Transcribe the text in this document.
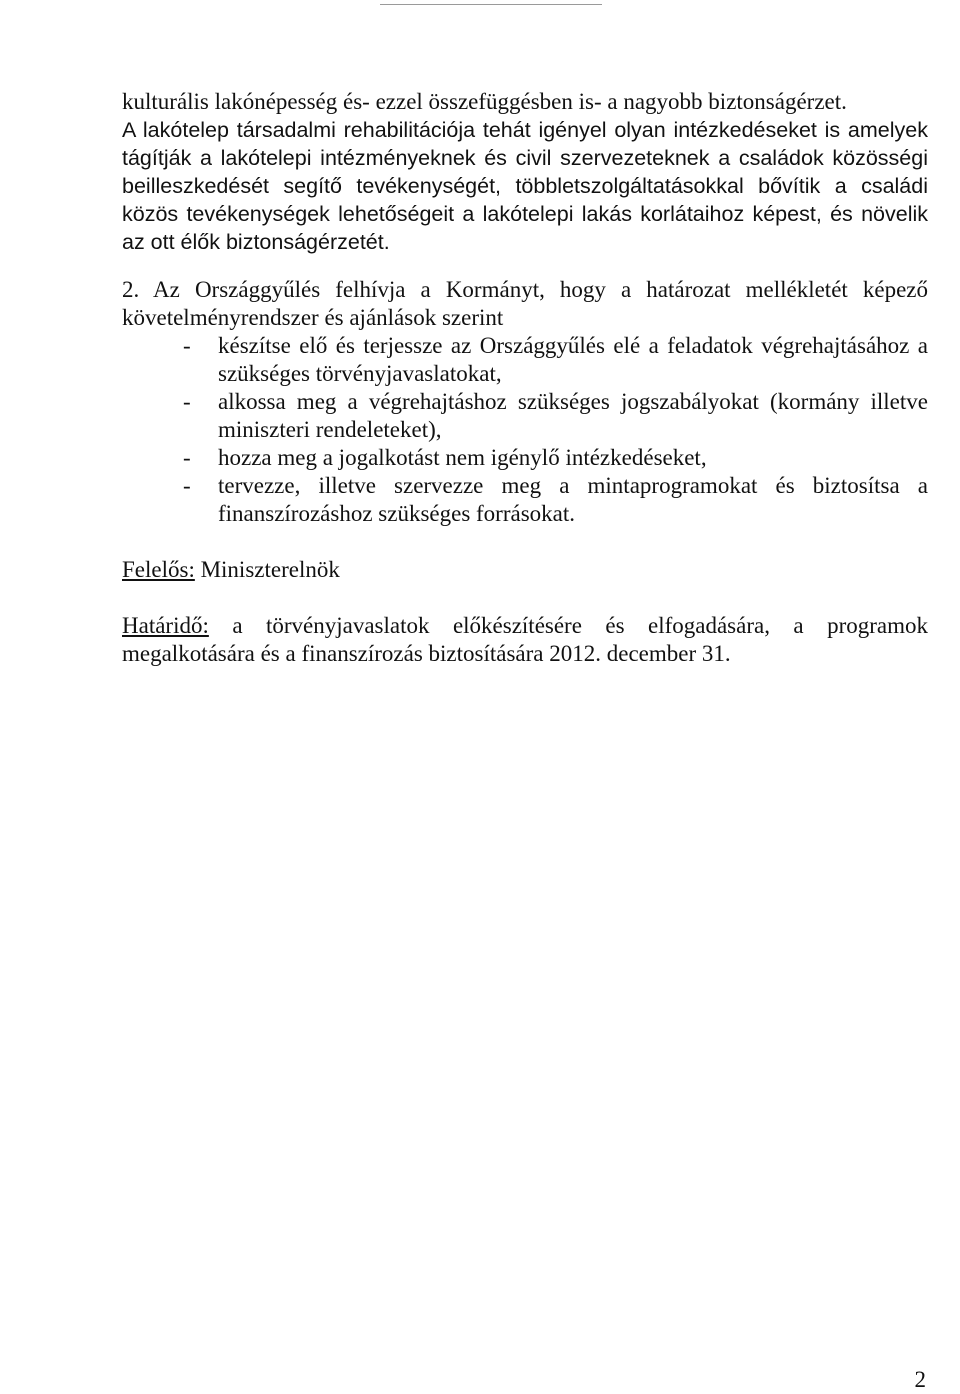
kulturális lakónépesség és- ezzel összefüggésben is- a nagyobb biztonságérzet.
A lakótelep társadalmi rehabilitációja tehát igényel olyan intézkedéseket is amelyek tágítják a lakótelepi intézményeknek és civil szervezeteknek a családok közösségi beilleszkedését segítő tevékenységét, többletszolgáltatásokkal bővítik a családi közös tevékenységek lehetőségeit a lakótelepi lakás korlátaihoz képest, és növelik az ott élők biztonságérzetét.

2. Az Országgyűlés felhívja a Kormányt, hogy a határozat mellékletét képező követelményrendszer és ajánlások szerint

- készítse elő és terjessze az Országgyűlés elé a feladatok végrehajtásához a szükséges törvényjavaslatokat,
- alkossa meg a végrehajtáshoz szükséges jogszabályokat (kormány illetve miniszteri rendeleteket),
- hozza meg a jogalkotást nem igénylő intézkedéseket,
- tervezze, illetve szervezze meg a mintaprogramokat és biztosítsa a finanszírozáshoz szükséges forrásokat.

Felelős: Miniszterelnök

Határidő: a törvényjavaslatok előkészítésére és elfogadására, a programok megalkotására és a finanszírozás biztosítására 2012. december 31.

2
